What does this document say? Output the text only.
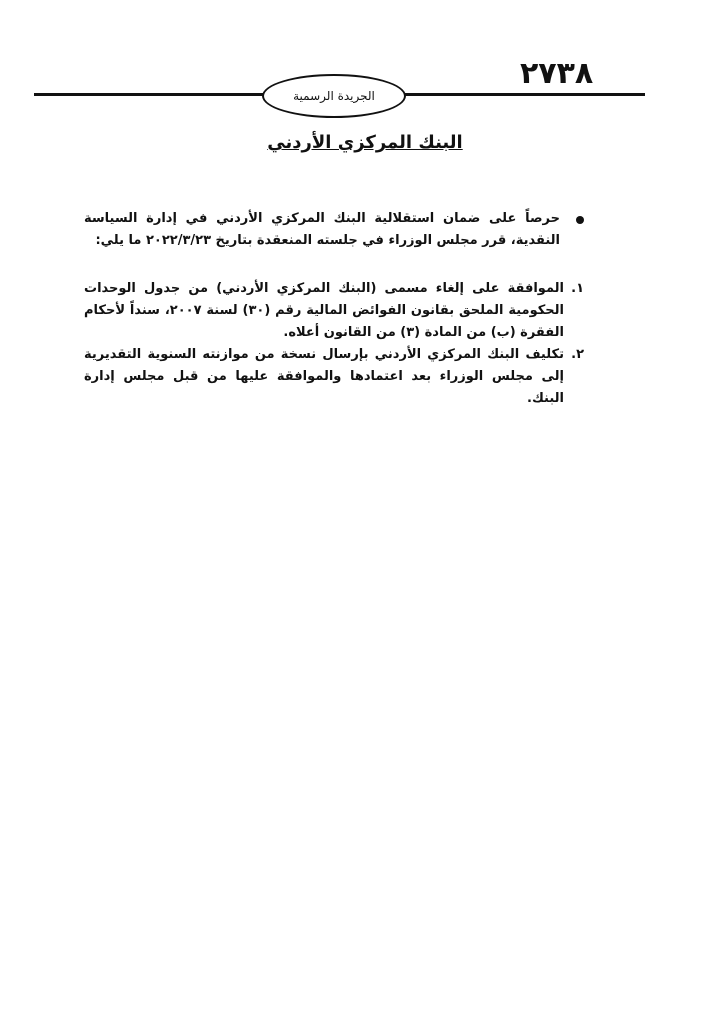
٢٧٣٨
الجريدة الرسمية
البنك المركزي الأردني
حرصاً على ضمان استقلالية البنك المركزي الأردني في إدارة السياسة النقدية، قرر مجلس الوزراء في جلسته المنعقدة بتاريخ ٢٠٢٢/٣/٢٣ ما يلي:
١.
الموافقة على إلغاء مسمى (البنك المركزي الأردني) من جدول الوحدات الحكومية الملحق بقانون الفوائض المالية رقم (٣٠) لسنة ٢٠٠٧، سنداً لأحكام الفقرة (ب) من المادة (٣) من القانون أعلاه.
٢.
تكليف البنك المركزي الأردني بإرسال نسخة من موازنته السنوية التقديرية إلى مجلس الوزراء بعد اعتمادها والموافقة عليها من قبل مجلس إدارة البنك.
